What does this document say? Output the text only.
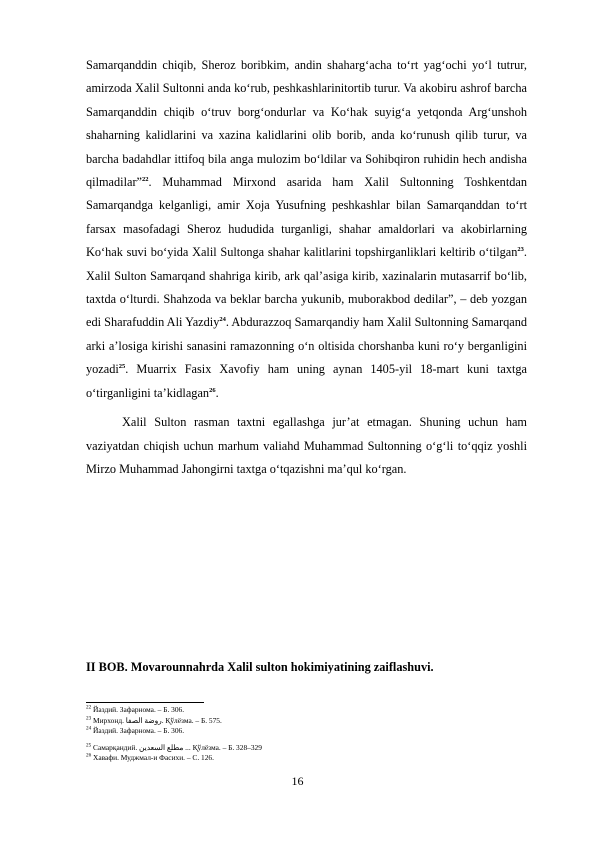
Samarqanddin chiqib, Sheroz boribkim, andin shaharg‘acha to‘rt yag‘ochi yo‘l tutrur, amirzoda Xalil Sultonni anda ko‘rub, peshkashlarinitortib turur. Va akobiru ashrof barcha Samarqanddin chiqib o‘truv borg‘ondurlar va Ko‘hak suyig‘a yetqonda Arg‘unshoh shaharning kalidlarini va xazina kalidlarini olib borib, anda ko‘runush qilib turur, va barcha badahdlar ittifoq bila anga mulozim bo‘ldilar va Sohibqiron ruhidin hech andisha qilmadilar”$^{22}$. Muhammad Mirxond asarida ham Xalil Sultonning Toshkentdan Samarqandga kelganligi, amir Xoja Yusufning peshkashlar bilan Samarqanddan to‘rt farsax masofadagi Sheroz hududida turganligi, shahar amaldorlari va akobirlarning Ko‘hak suvi bo‘yida Xalil Sultonga shahar kalitlarini topshirganliklari keltirib o‘tilgan$^{23}$. Xalil Sulton Samarqand shahriga kirib, ark qal’asiga kirib, xazinalarin mutasarrif bo‘lib, taxtda o‘lturdi. Shahzoda va beklar barcha yukunib, muborakbod dedilar”, – deb yozgan edi Sharafuddin Ali Yazdiy$^{24}$. Abdurazzoq Samarqandiy ham Xalil Sultonning Samarqand arki a’losiga kirishi sanasini ramazonning o‘n oltisida chorshanba kuni ro‘y berganligini yozadi$^{25}$. Muarrix Fasix Xavofiy ham uning aynan 1405-yil 18-mart kuni taxtga o‘tirganligini ta’kidlagan$^{26}$.

Xalil Sulton rasman taxtni egallashga jur’at etmagan. Shuning uchun ham vaziyatdan chiqish uchun marhum valiahd Muhammad Sultonning o‘g‘li to‘qqiz yoshli Mirzo Muhammad Jahongirni taxtga o‘tqazishni ma’qul ko‘rgan.

II BOB. Movarounnahrda Xalil sulton hokimiyatining zaiflashuvi.
$^{22}$ Йаздий. Зафарнома. – Б. 306.
$^{23}$ Мирхонд. روضة الصفا. Қўлёзма. – Б. 575.
$^{24}$ Йаздий. Зафарнома. – Б. 306.
$^{25}$ Самарқандий. مطلع السعدين ... Қўлёзма. – Б. 328–329
$^{26}$ Хавафи. Муджмал-и Фасихи. – С. 126.
16
